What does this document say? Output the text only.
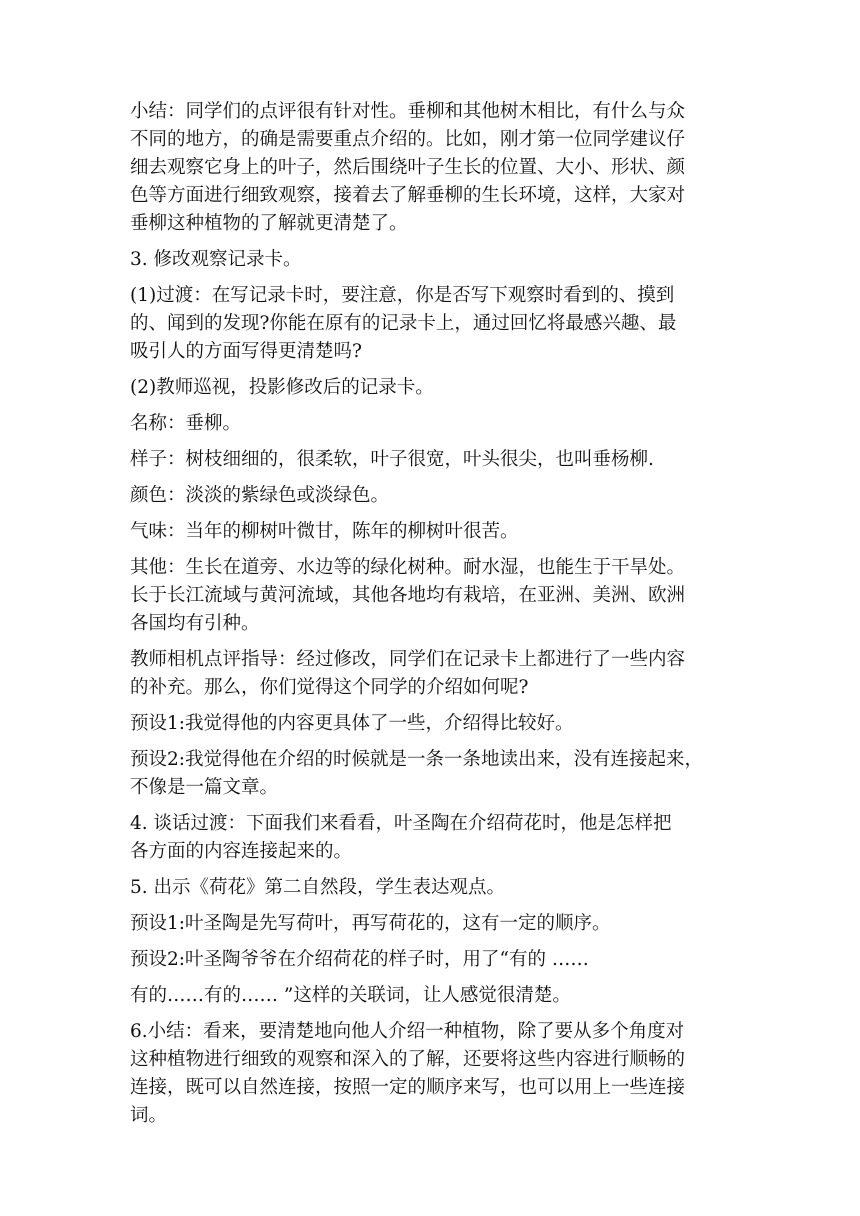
小结：同学们的点评很有针对性。垂柳和其他树木相比，有什么与众
不同的地方，的确是需要重点介绍的。比如，刚才第一位同学建议仔
细去观察它身上的叶子，然后围绕叶子生长的位置、大小、形状、颜
色等方面进行细致观察，接着去了解垂柳的生长环境，这样，大家对
垂柳这种植物的了解就更清楚了。

3. 修改观察记录卡。

(1)过渡：在写记录卡时，要注意，你是否写下观察时看到的、摸到
的、闻到的发现?你能在原有的记录卡上，通过回忆将最感兴趣、最
吸引人的方面写得更清楚吗?

(2)教师巡视，投影修改后的记录卡。

名称：垂柳。

样子：树枝细细的，很柔软，叶子很宽，叶头很尖，也叫垂杨柳.

颜色：淡淡的紫绿色或淡绿色。

气味：当年的柳树叶微甘，陈年的柳树叶很苦。

其他：生长在道旁、水边等的绿化树种。耐水湿，也能生于干旱处。
长于长江流域与黄河流域，其他各地均有栽培，在亚洲、美洲、欧洲
各国均有引种。

教师相机点评指导：经过修改，同学们在记录卡上都进行了一些内容
的补充。那么，你们觉得这个同学的介绍如何呢?

预设1:我觉得他的内容更具体了一些，介绍得比较好。

预设2:我觉得他在介绍的时候就是一条一条地读出来，没有连接起来，
不像是一篇文章。

4. 谈话过渡：下面我们来看看，叶圣陶在介绍荷花时，他是怎样把
各方面的内容连接起来的。

5. 出示《荷花》第二自然段，学生表达观点。

预设1:叶圣陶是先写荷叶，再写荷花的，这有一定的顺序。

预设2:叶圣陶爷爷在介绍荷花的样子时，用了“有的 ……

有的……有的…… ”这样的关联词，让人感觉很清楚。

6.小结：看来，要清楚地向他人介绍一种植物，除了要从多个角度对
这种植物进行细致的观察和深入的了解，还要将这些内容进行顺畅的
连接，既可以自然连接，按照一定的顺序来写，也可以用上一些连接
词。
